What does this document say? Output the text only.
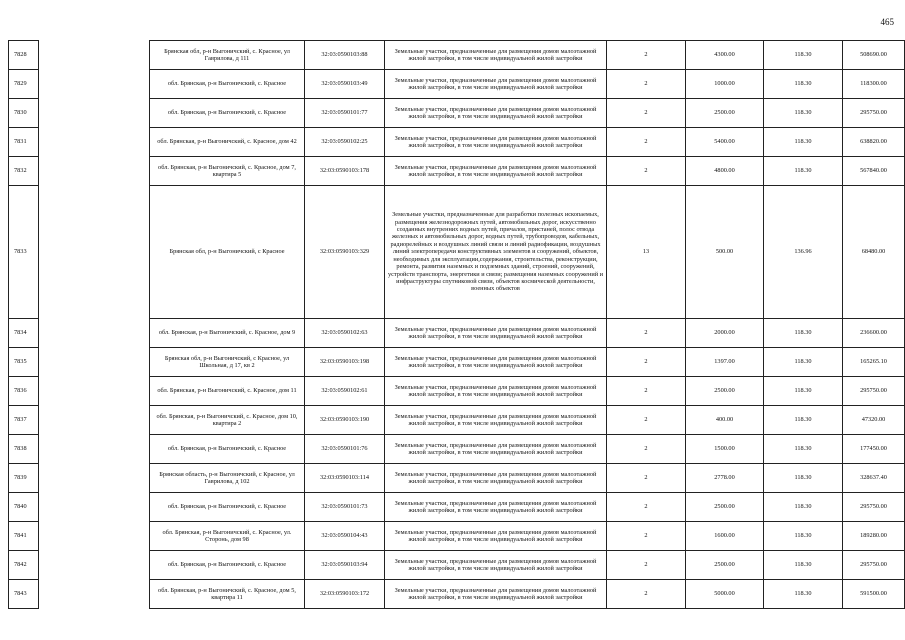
465
7828		Брянская обл, р-н Выгоничский, с. Красное, ул Гаврилова, д 111	32:03:0590103:88	Земельные участки, предназначенные для размещения домов малоэтажной жилой застройки, в том числе индивидуальной жилой застройки	2	4300.00	118.30	508690.00
7829		обл. Брянская, р-н Выгоничский, с. Красное	32:03:0590103:49	Земельные участки, предназначенные для размещения домов малоэтажной жилой застройки, в том числе индивидуальной жилой застройки	2	1000.00	118.30	118300.00
7830		обл. Брянская, р-н Выгоничский, с. Красное	32:03:0590101:77	Земельные участки, предназначенные для размещения домов малоэтажной жилой застройки, в том числе индивидуальной жилой застройки	2	2500.00	118.30	295750.00
7831		обл. Брянская, р-н Выгоничский, с. Красное, дом 42	32:03:0590102:25	Земельные участки, предназначенные для размещения домов малоэтажной жилой застройки, в том числе индивидуальной жилой застройки	2	5400.00	118.30	638820.00
7832		обл. Брянская, р-н Выгоничский, с. Красное, дом 7, квартира 5	32:03:0590103:178	Земельные участки, предназначенные для размещения домов малоэтажной жилой застройки, в том числе индивидуальной жилой застройки	2	4800.00	118.30	567840.00
7833		Брянская обл, р-н Выгоничский, с Красное	32:03:0590103:329	Земельные участки, предназначенные для разработки полезных ископаемых, размещения железнодорожных путей, автомобильных дорог, искусственно созданных внутренних водных путей, причалов, пристаней, полос отвода железных и автомобильных дорог, водных путей, трубопроводов, кабельных, радиорелейных и воздушных линий связи и линий радиофикации, воздушных линий электропередачи конструктивных элементов и сооружений, объектов, необходимых для эксплуатации,содержания, строительства, реконструкции, ремонта, развития наземных и подземных зданий, строений, сооружений, устройств транспорта, энергетики и связи; размещения наземных сооружений и инфраструктуры спутниковой связи, объектов космической деятельности, военных объектов	13	500.00	136.96	68480.00
7834		обл. Брянская, р-н Выгоничский, с. Красное, дом 9	32:03:0590102:63	Земельные участки, предназначенные для размещения домов малоэтажной жилой застройки, в том числе индивидуальной жилой застройки	2	2000.00	118.30	236600.00
7835		Брянская обл, р-н Выгоничский, с Красное, ул Школьная, д 17, кв 2	32:03:0590103:198	Земельные участки, предназначенные для размещения домов малоэтажной жилой застройки, в том числе индивидуальной жилой застройки	2	1397.00	118.30	165265.10
7836		обл. Брянская, р-н Выгоничский, с. Красное, дом 11	32:03:0590102:61	Земельные участки, предназначенные для размещения домов малоэтажной жилой застройки, в том числе индивидуальной жилой застройки	2	2500.00	118.30	295750.00
7837		обл. Брянская, р-н Выгоничский, с. Красное, дом 10, квартира 2	32:03:0590103:190	Земельные участки, предназначенные для размещения домов малоэтажной жилой застройки, в том числе индивидуальной жилой застройки	2	400.00	118.30	47320.00
7838		обл. Брянская, р-н Выгоничский, с. Красное	32:03:0590101:76	Земельные участки, предназначенные для размещения домов малоэтажной жилой застройки, в том числе индивидуальной жилой застройки	2	1500.00	118.30	177450.00
7839		Брянская область, р-н Выгоничский, с Красное, ул Гаврилова, д 102	32:03:0590103:114	Земельные участки, предназначенные для размещения домов малоэтажной жилой застройки, в том числе индивидуальной жилой застройки	2	2778.00	118.30	328637.40
7840		обл. Брянская, р-н Выгоничский, с. Красное	32:03:0590101:73	Земельные участки, предназначенные для размещения домов малоэтажной жилой застройки, в том числе индивидуальной жилой застройки	2	2500.00	118.30	295750.00
7841		обл. Брянская, р-н Выгоничский, с. Красное, ул. Сторонь, дом 98	32:03:0590104:43	Земельные участки, предназначенные для размещения домов малоэтажной жилой застройки, в том числе индивидуальной жилой застройки	2	1600.00	118.30	189280.00
7842		обл. Брянская, р-н Выгоничский, с. Красное	32:03:0590103:94	Земельные участки, предназначенные для размещения домов малоэтажной жилой застройки, в том числе индивидуальной жилой застройки	2	2500.00	118.30	295750.00
7843		обл. Брянская, р-н Выгоничский, с. Красное, дом 5, квартира 11	32:03:0590103:172	Земельные участки, предназначенные для размещения домов малоэтажной жилой застройки, в том числе индивидуальной жилой застройки	2	5000.00	118.30	591500.00
